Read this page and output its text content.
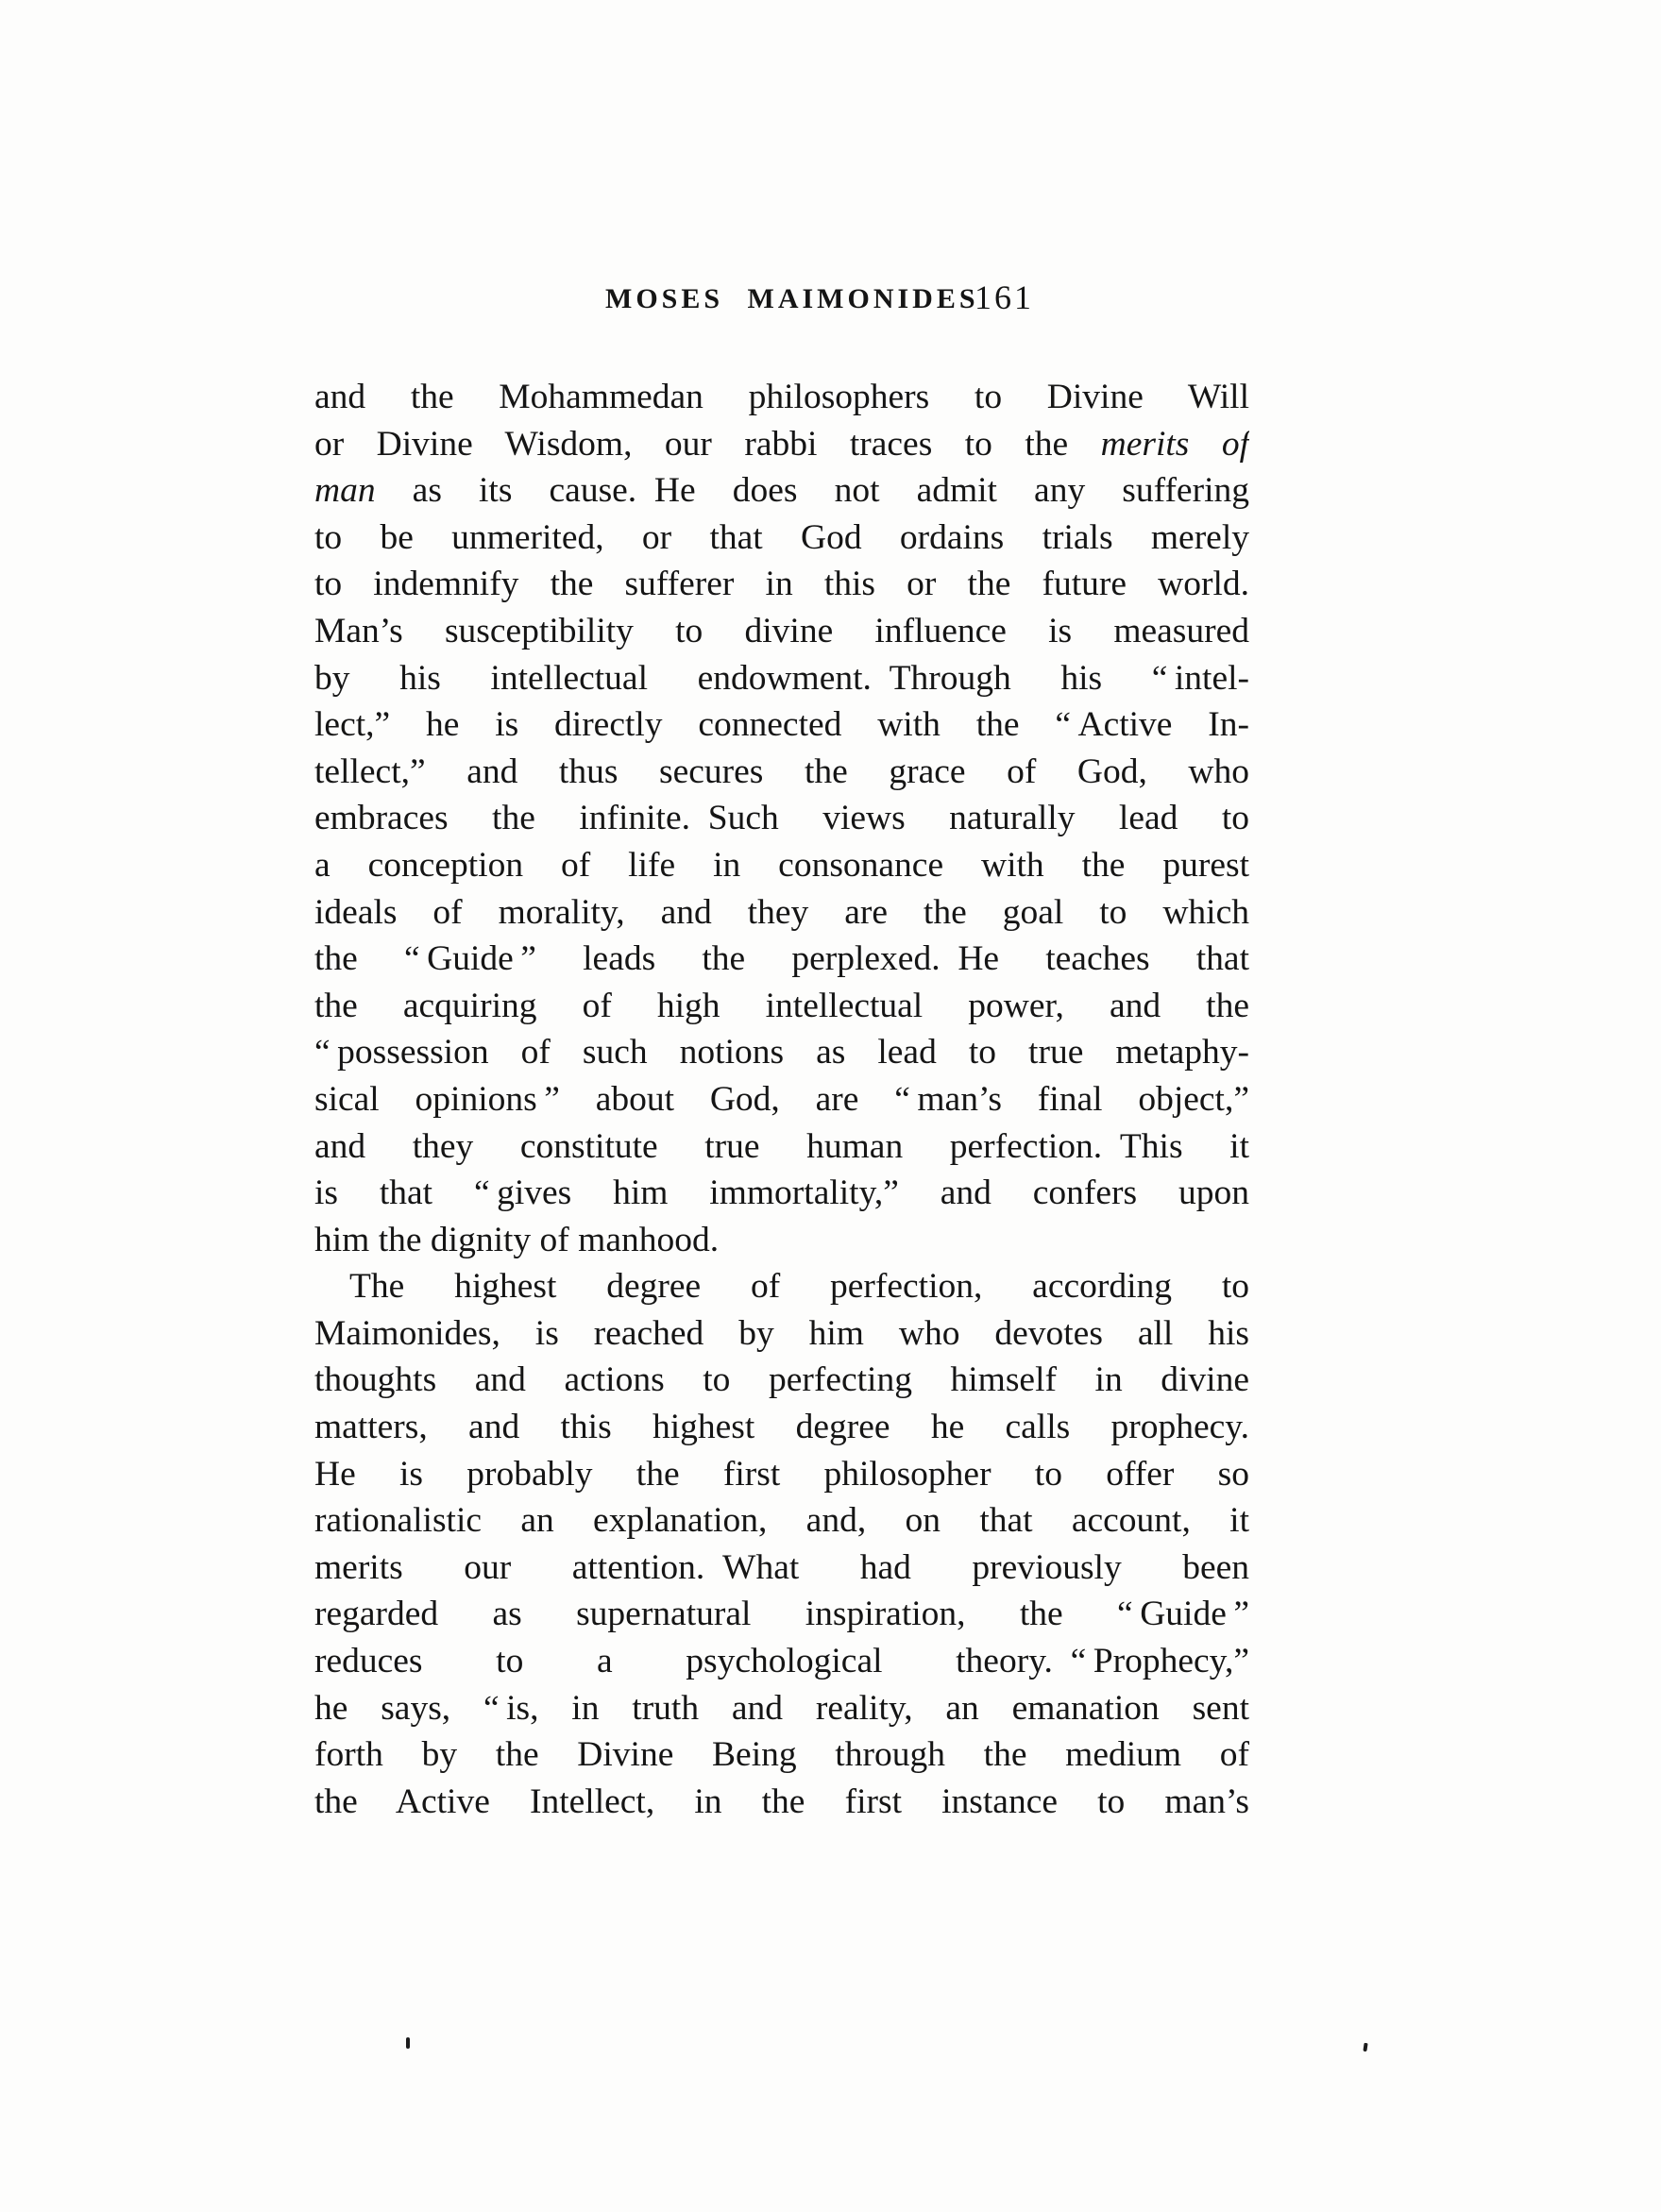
MOSES MAIMONIDES
161
and the Mohammedan philosophers to Divine Will
or Divine Wisdom, our rabbi traces to the merits of
man as its cause. He does not admit any suffering
to be unmerited, or that God ordains trials merely
to indemnify the sufferer in this or the future world.
Man’s susceptibility to divine influence is measured
by his intellectual endowment. Through his “ intel-
lect,” he is directly connected with the “ Active In-
tellect,” and thus secures the grace of God, who
embraces the infinite. Such views naturally lead to
a conception of life in consonance with the purest
ideals of morality, and they are the goal to which
the “ Guide ” leads the perplexed. He teaches that
the acquiring of high intellectual power, and the
“ possession of such notions as lead to true metaphy-
sical opinions ” about God, are “ man’s final object,”
and they constitute true human perfection. This it
is that “ gives him immortality,” and confers upon
him the dignity of manhood.
The highest degree of perfection, according to
Maimonides, is reached by him who devotes all his
thoughts and actions to perfecting himself in divine
matters, and this highest degree he calls prophecy.
He is probably the first philosopher to offer so
rationalistic an explanation, and, on that account, it
merits our attention. What had previously been
regarded as supernatural inspiration, the “ Guide ”
reduces to a psychological theory. “ Prophecy,”
he says, “ is, in truth and reality, an emanation sent
forth by the Divine Being through the medium of
the Active Intellect, in the first instance to man’s
